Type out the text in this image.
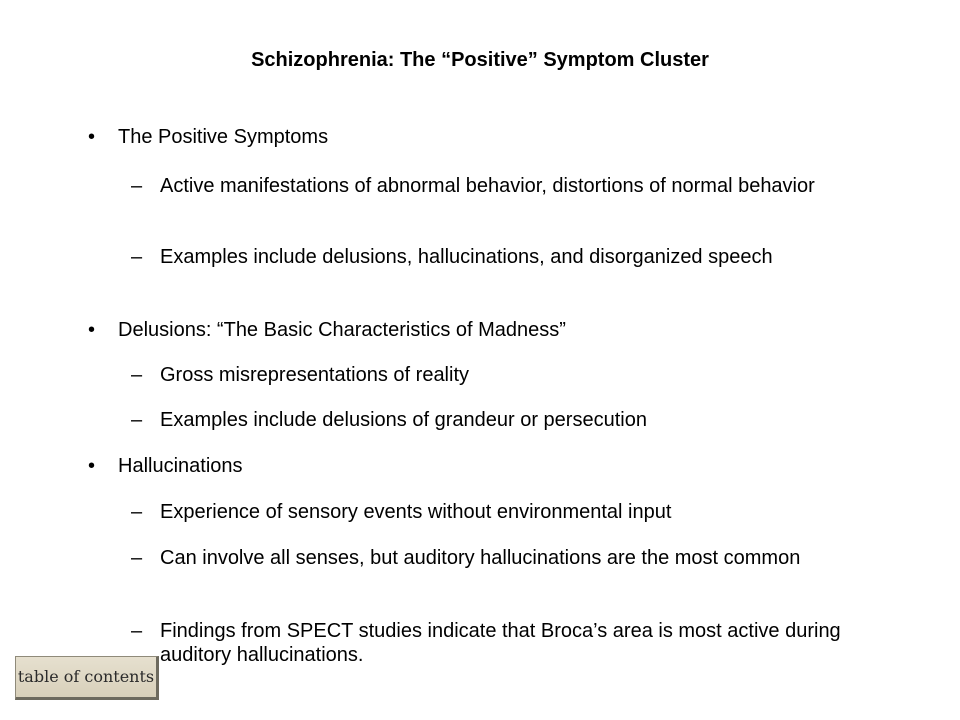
Schizophrenia: The “Positive” Symptom Cluster
•	The Positive Symptoms
– Active manifestations of abnormal behavior, distortions of normal behavior
– Examples include delusions, hallucinations, and disorganized speech
•	Delusions: “The Basic Characteristics of Madness”
– Gross misrepresentations of reality
– Examples include delusions of grandeur or persecution
•	Hallucinations
– Experience of sensory events without environmental input
– Can involve all senses, but auditory hallucinations are the most common
– Findings from SPECT studies indicate that Broca’s area is most active during auditory hallucinations.
table of contents
